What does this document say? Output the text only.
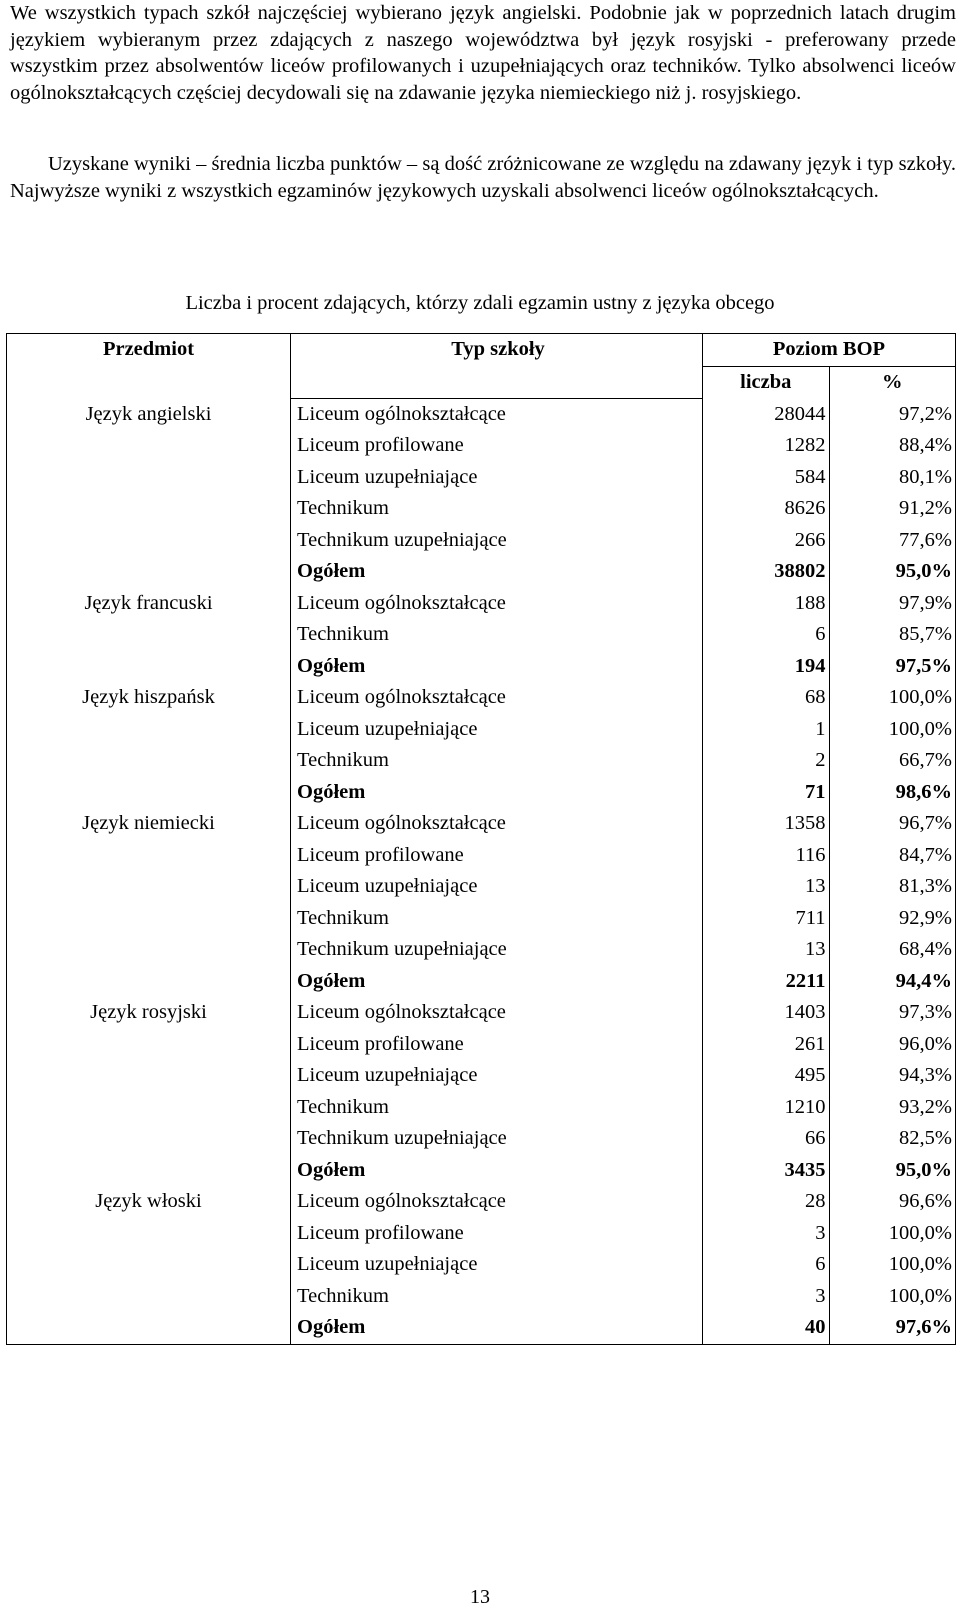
We wszystkich typach szkół najczęściej wybierano język angielski. Podobnie jak w poprzednich latach drugim językiem wybieranym przez zdających z naszego województwa był język rosyjski - preferowany przede wszystkim przez absolwentów liceów profilowanych i uzupełniających oraz techników. Tylko absolwenci liceów ogólnokształcących częściej decydowali się na zdawanie języka niemieckiego niż j. rosyjskiego.

Uzyskane wyniki – średnia liczba punktów – są dość zróżnicowane ze względu na zdawany język i typ szkoły. Najwyższe wyniki z wszystkich egzaminów językowych uzyskali absolwenci liceów ogólnokształcących.

Liczba i procent zdających, którzy zdali egzamin ustny z języka obcego
Przedmiot	Typ szkoły	Poziom BOP	
		liczba	%
Język angielski	Liceum ogólnokształcące	28044	97,2%
	Liceum profilowane	1282	88,4%
	Liceum uzupełniające	584	80,1%
	Technikum	8626	91,2%
	Technikum uzupełniające	266	77,6%
	Ogółem	38802	95,0%
Język francuski	Liceum ogólnokształcące	188	97,9%
	Technikum	6	85,7%
	Ogółem	194	97,5%
Język hiszpańsk	Liceum ogólnokształcące	68	100,0%
	Liceum uzupełniające	1	100,0%
	Technikum	2	66,7%
	Ogółem	71	98,6%
Język niemiecki	Liceum ogólnokształcące	1358	96,7%
	Liceum profilowane	116	84,7%
	Liceum uzupełniające	13	81,3%
	Technikum	711	92,9%
	Technikum uzupełniające	13	68,4%
	Ogółem	2211	94,4%
Język rosyjski	Liceum ogólnokształcące	1403	97,3%
	Liceum profilowane	261	96,0%
	Liceum uzupełniające	495	94,3%
	Technikum	1210	93,2%
	Technikum uzupełniające	66	82,5%
	Ogółem	3435	95,0%
Język włoski	Liceum ogólnokształcące	28	96,6%
	Liceum profilowane	3	100,0%
	Liceum uzupełniające	6	100,0%
	Technikum	3	100,0%
	Ogółem	40	97,6%
13
